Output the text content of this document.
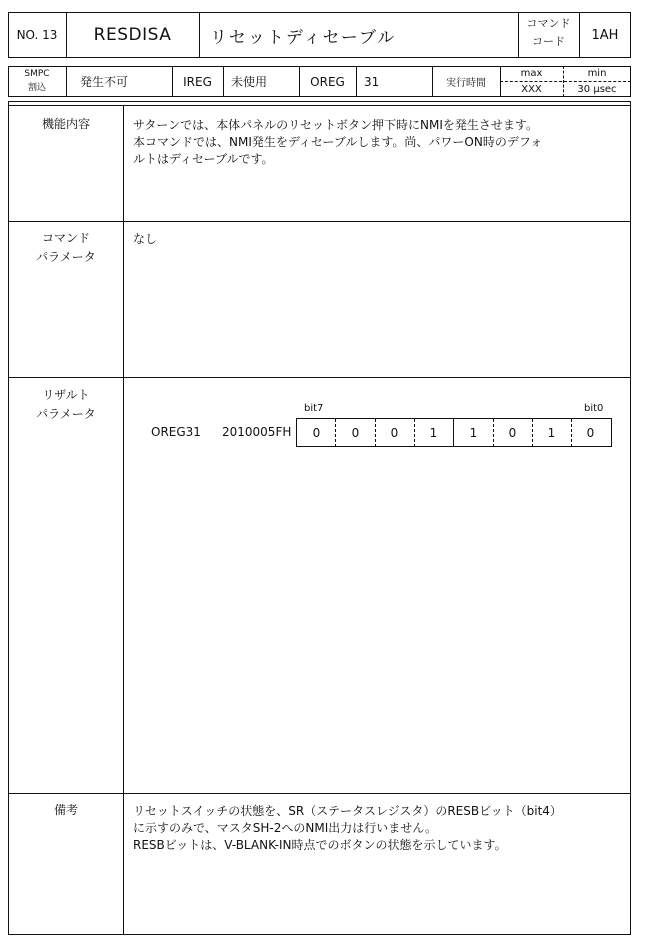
NO. 13	RESDISA	リセットディセーブル
コマンド
コード	1AH
SMPC
割込	発生不可	IREG	未使用	OREG	31	実行時間
max
XXX
min
30 μsec
機能内容	サターンでは、本体パネルのリセットボタン押下時にNMIを発生させます。
本コマンドでは、NMI発生をディセーブルします。尚、パワーON時のデフォ
ルトはディセーブルです。
コマンド
パラメータ
なし
リザルト
パラメータ
OREG31 2010005FH
bit7	bit0
0	0	0	1	1	0	1	0
備考	リセットスイッチの状態を、SR（ステータスレジスタ）のRESBビット（bit4）
に示すのみで、マスタSH-2へのNMI出力は行いません。
RESBビットは、V-BLANK-IN時点でのボタンの状態を示しています。
